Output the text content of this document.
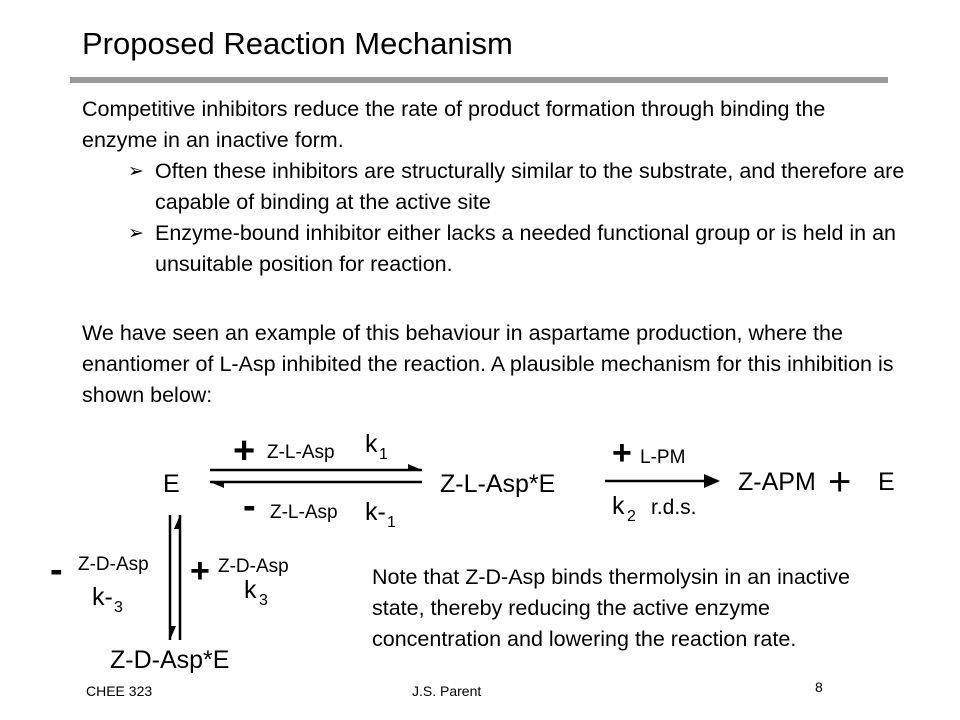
Proposed Reaction Mechanism

Competitive inhibitors reduce the rate of product formation through binding the enzyme in an inactive form.

➢ Often these inhibitors are structurally similar to the substrate, and therefore are capable of binding at the active site
➢ Enzyme-bound inhibitor either lacks a needed functional group or is held in an unsuitable position for reaction.

We have seen an example of this behaviour in aspartame production, where the enantiomer of L-Asp inhibited the reaction. A plausible mechanism for this inhibition is shown below:

E	Z-L-Asp*E	Z-APM + E
+ Z-L-Asp k 1
- Z-L-Asp k- 1
+ L-PM
k 2 r.d.s.
- Z-D-Asp
k- 3
+ Z-D-Asp
k 3
Z-D-Asp*E

Note that Z-D-Asp binds thermolysin in an inactive state, thereby reducing the active enzyme concentration and lowering the reaction rate.

CHEE 323	J.S. Parent	8
